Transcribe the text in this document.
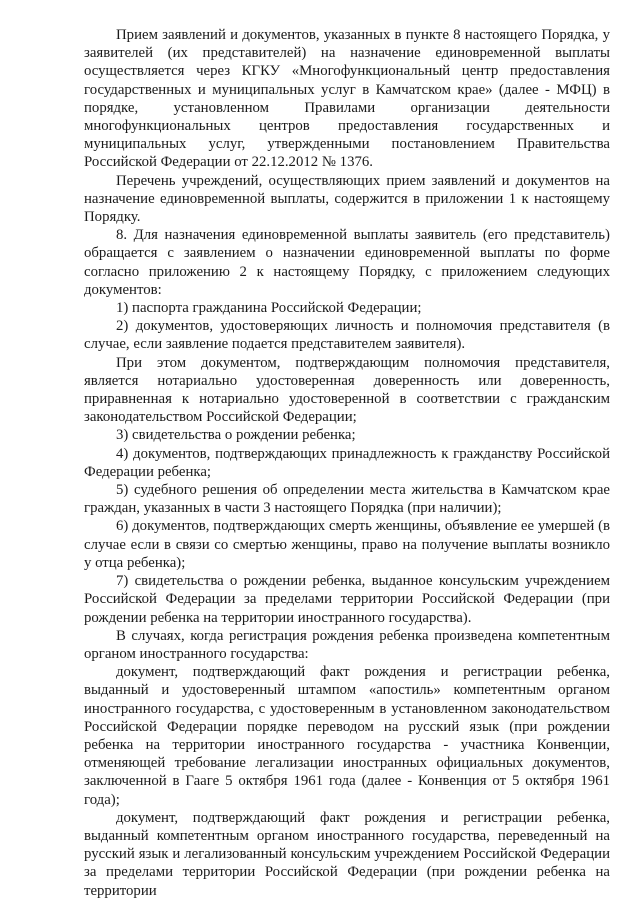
Прием заявлений и документов, указанных в пункте 8 настоящего Порядка, у заявителей (их представителей) на назначение единовременной выплаты осуществляется через КГКУ «Многофункциональный центр предоставления государственных и муниципальных услуг в Камчатском крае» (далее - МФЦ) в порядке, установленном Правилами организации деятельности многофункциональных центров предоставления государственных и муниципальных услуг, утвержденными постановлением Правительства Российской Федерации от 22.12.2012 № 1376.

Перечень учреждений, осуществляющих прием заявлений и документов на назначение единовременной выплаты, содержится в приложении 1 к настоящему Порядку.

8. Для назначения единовременной выплаты заявитель (его представитель) обращается с заявлением о назначении единовременной выплаты по форме согласно приложению 2 к настоящему Порядку, с приложением следующих документов:

1) паспорта гражданина Российской Федерации;

2) документов, удостоверяющих личность и полномочия представителя (в случае, если заявление подается представителем заявителя).

При этом документом, подтверждающим полномочия представителя, является нотариально удостоверенная доверенность или доверенность, приравненная к нотариально удостоверенной в соответствии с гражданским законодательством Российской Федерации;

3) свидетельства о рождении ребенка;

4) документов, подтверждающих принадлежность к гражданству Российской Федерации ребенка;

5) судебного решения об определении места жительства в Камчатском крае граждан, указанных в части 3 настоящего Порядка (при наличии);

6) документов, подтверждающих смерть женщины, объявление ее умершей (в случае если в связи со смертью женщины, право на получение выплаты возникло у отца ребенка);

7) свидетельства о рождении ребенка, выданное консульским учреждением Российской Федерации за пределами территории Российской Федерации (при рождении ребенка на территории иностранного государства).

В случаях, когда регистрация рождения ребенка произведена компетентным органом иностранного государства:

документ, подтверждающий факт рождения и регистрации ребенка, выданный и удостоверенный штампом «апостиль» компетентным органом иностранного государства, с удостоверенным в установленном законодательством Российской Федерации порядке переводом на русский язык (при рождении ребенка на территории иностранного государства - участника Конвенции, отменяющей требование легализации иностранных официальных документов, заключенной в Гааге 5 октября 1961 года (далее - Конвенция от 5 октября 1961 года);

документ, подтверждающий факт рождения и регистрации ребенка, выданный компетентным органом иностранного государства, переведенный на русский язык и легализованный консульским учреждением Российской Федерации за пределами территории Российской Федерации (при рождении ребенка на территории
